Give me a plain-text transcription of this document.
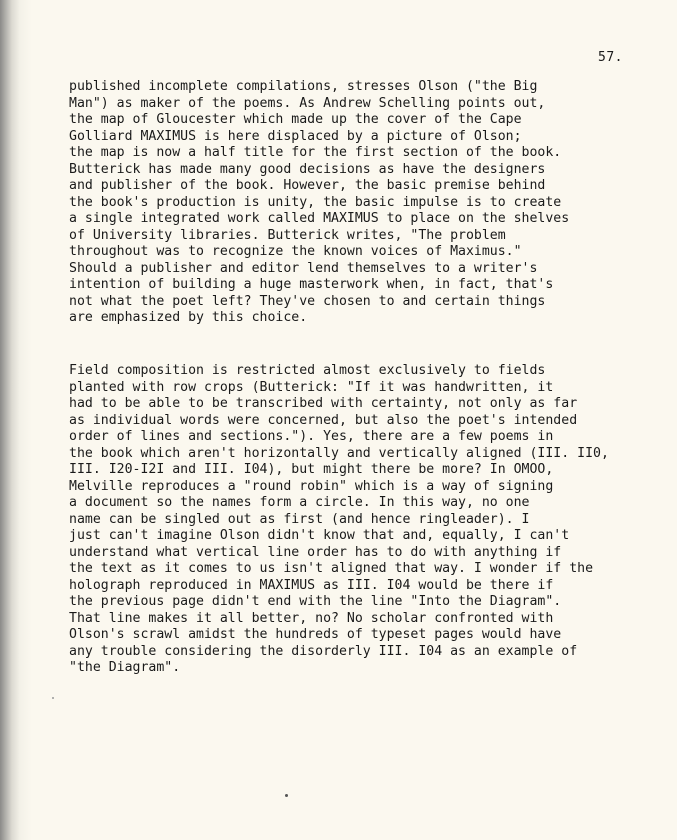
57.
published incomplete compilations, stresses Olson ("the Big
Man") as maker of the poems. As Andrew Schelling points out,
the map of Gloucester which made up the cover of the Cape
Golliard MAXIMUS is here displaced by a picture of Olson;
the map is now a half title for the first section of the book.
Butterick has made many good decisions as have the designers
and publisher of the book. However, the basic premise behind
the book's production is unity, the basic impulse is to create
a single integrated work called MAXIMUS to place on the shelves
of University libraries. Butterick writes, "The problem
throughout was to recognize the known voices of Maximus."
Should a publisher and editor lend themselves to a writer's
intention of building a huge masterwork when, in fact, that's
not what the poet left? They've chosen to and certain things
are emphasized by this choice.
Field composition is restricted almost exclusively to fields
planted with row crops (Butterick: "If it was handwritten, it
had to be able to be transcribed with certainty, not only as far
as individual words were concerned, but also the poet's intended
order of lines and sections."). Yes, there are a few poems in
the book which aren't horizontally and vertically aligned (III. II0,
III. I20-I2I and III. I04), but might there be more? In OMOO,
Melville reproduces a "round robin" which is a way of signing
a document so the names form a circle. In this way, no one
name can be singled out as first (and hence ringleader). I
just can't imagine Olson didn't know that and, equally, I can't
understand what vertical line order has to do with anything if
the text as it comes to us isn't aligned that way. I wonder if the
holograph reproduced in MAXIMUS as III. I04 would be there if
the previous page didn't end with the line "Into the Diagram".
That line makes it all better, no? No scholar confronted with
Olson's scrawl amidst the hundreds of typeset pages would have
any trouble considering the disorderly III. I04 as an example of
"the Diagram".
